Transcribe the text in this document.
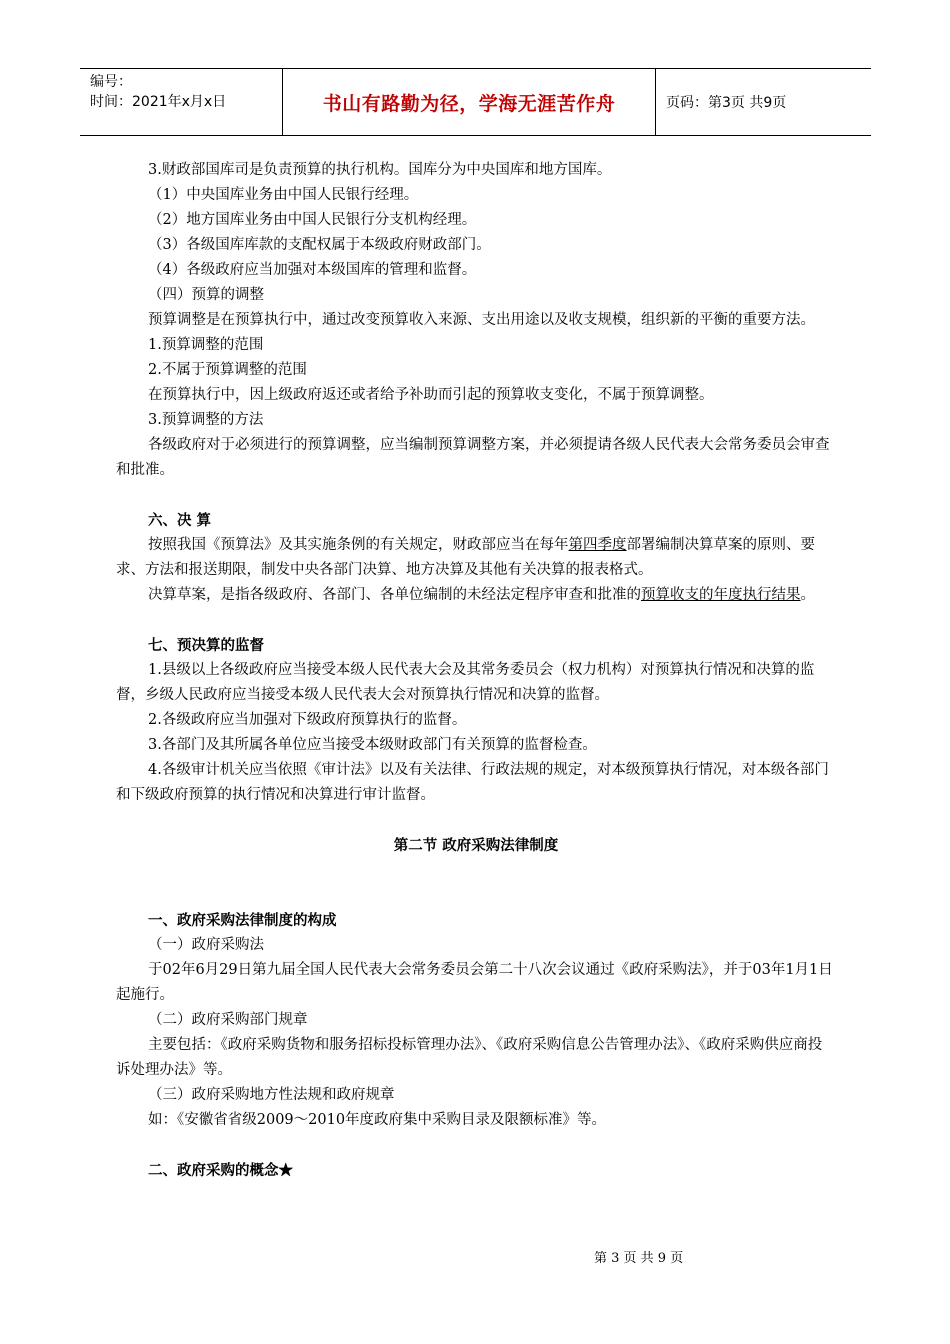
编号：
时间：2021年x月x日	书山有路勤为径，学海无涯苦作舟	页码：第3页 共9页

3.财政部国库司是负责预算的执行机构。国库分为中央国库和地方国库。

（1）中央国库业务由中国人民银行经理。

（2）地方国库业务由中国人民银行分支机构经理。

（3）各级国库库款的支配权属于本级政府财政部门。

（4）各级政府应当加强对本级国库的管理和监督。

（四）预算的调整

预算调整是在预算执行中，通过改变预算收入来源、支出用途以及收支规模，组织新的平衡的重要方法。

1.预算调整的范围

2.不属于预算调整的范围

在预算执行中，因上级政府返还或者给予补助而引起的预算收支变化，不属于预算调整。

3.预算调整的方法

各级政府对于必须进行的预算调整，应当编制预算调整方案，并必须提请各级人民代表大会常务委员会审查和批准。

六、决 算

按照我国《预算法》及其实施条例的有关规定，财政部应当在每年第四季度部署编制决算草案的原则、要求、方法和报送期限，制发中央各部门决算、地方决算及其他有关决算的报表格式。

决算草案，是指各级政府、各部门、各单位编制的未经法定程序审查和批准的预算收支的年度执行结果。

七、预决算的监督

1.县级以上各级政府应当接受本级人民代表大会及其常务委员会（权力机构）对预算执行情况和决算的监督，乡级人民政府应当接受本级人民代表大会对预算执行情况和决算的监督。

2.各级政府应当加强对下级政府预算执行的监督。

3.各部门及其所属各单位应当接受本级财政部门有关预算的监督检查。

4.各级审计机关应当依照《审计法》以及有关法律、行政法规的规定，对本级预算执行情况，对本级各部门和下级政府预算的执行情况和决算进行审计监督。

第二节 政府采购法律制度

一、政府采购法律制度的构成

（一）政府采购法

于02年6月29日第九届全国人民代表大会常务委员会第二十八次会议通过《政府采购法》，并于03年1月1日起施行。

（二）政府采购部门规章

主要包括：《政府采购货物和服务招标投标管理办法》、《政府采购信息公告管理办法》、《政府采购供应商投诉处理办法》等。

（三）政府采购地方性法规和政府规章

如：《安徽省省级2009～2010年度政府集中采购目录及限额标准》等。

二、政府采购的概念★

第 3 页 共 9 页
